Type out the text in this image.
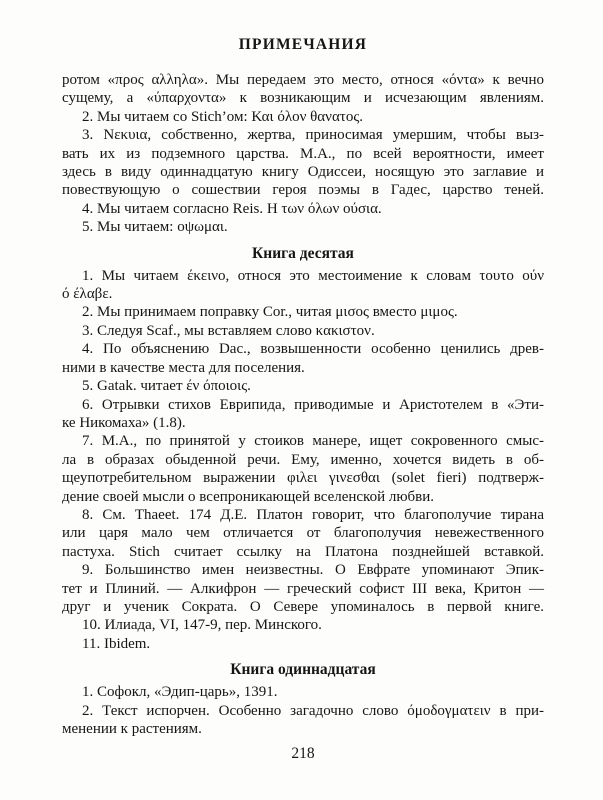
ПРИМЕЧАНИЯ
ротом «προς αλληλα». Мы передаем это место, относя «όντα» к вечно
сущему, а «ύπαρχοντα» к возникающим и исчезающим явлениям.
2. Мы читаем со Stich’ом: Και όλον θανατος.
3. Νεκυια, собственно, жертва, приносимая умершим, чтобы выз-
вать их из подземного царства. М.А., по всей вероятности, имеет
здесь в виду одиннадцатую книгу Одиссеи, носящую это заглавие и
повествующую о сошествии героя поэмы в Гадес, царство теней.
4. Мы читаем согласно Reis. Η των όλων ούσια.
5. Мы читаем: οψωμαι.
Книга десятая
1. Мы читаем έκεινο, относя это местоимение к словам τουτο ούν
ό έλαβε.
2. Мы принимаем поправку Cor., читая μισος вместо μιμος.
3. Следуя Scaf., мы вставляем слово κακιστον.
4. По объяснению Dac., возвышенности особенно ценились древ-
ними в качестве места для поселения.
5. Gatak. читает έν όποιοις.
6. Отрывки стихов Еврипида, приводимые и Аристотелем в «Эти-
ке Никомаха» (1.8).
7. М.А., по принятой у стоиков манере, ищет сокровенного смыс-
ла в образах обыденной речи. Ему, именно, хочется видеть в об-
щеупотребительном выражении φιλει γινεσθαι (solet fieri) подтверж-
дение своей мысли о всепроникающей вселенской любви.
8. См. Thaeet. 174 Д.Е. Платон говорит, что благополучие тирана
или царя мало чем отличается от благополучия невежественного
пастуха. Stich считает ссылку на Платона позднейшей вставкой.
9. Большинство имен неизвестны. О Евфрате упоминают Эпик-
тет и Плиний. — Алкифрон — греческий софист III века, Критон —
друг и ученик Сократа. О Севере упоминалось в первой книге.
10. Илиада, VI, 147-9, пер. Минского.
11. Ibidem.
Книга одиннадцатая
1. Софокл, «Эдип-царь», 1391.
2. Текст испорчен. Особенно загадочно слово όμοδογματειν в при-
менении к растениям.
218
